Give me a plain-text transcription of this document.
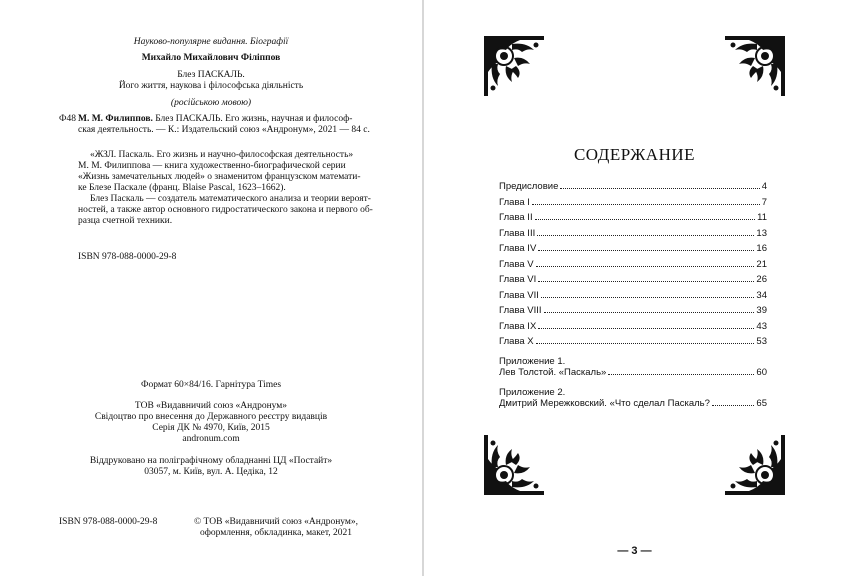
Науково-популярне видання. Біографії
Михайло Михайлович Філіппов
Блез ПАСКАЛЬ.
Його життя, наукова і філософська діяльність
(російською мовою)
Ф48 М. М. Филиппов. Блез ПАСКАЛЬ. Его жизнь, научная и философ-
ская деятельность. — К.: Издательский союз «Андронум», 2021 — 84 с.
«ЖЗЛ. Паскаль. Его жизнь и научно-философская деятельность»
М. М. Филиппова — книга художественно-биографической серии
«Жизнь замечательных людей» о знаменитом французском математи-
ке Блезе Паскале (франц. Blaise Pascal, 1623–1662).
Блез Паскаль — создатель математического анализа и теории вероят-
ностей, а также автор основного гидростатического закона и первого об-
разца счетной техники.
ISBN 978-088-0000-29-8
Формат 60×84/16. Гарнітура Times
ТОВ «Видавничий союз «Андронум»
Свідоцтво про внесення до Державного реєстру видавців
Серія ДК № 4970, Київ, 2015
andronum.com
Віддруковано на поліграфічному обладнанні ЦД «Постайт»
03057, м. Київ, вул. А. Цедіка, 12
ISBN 978-088-0000-29-8	© ТОВ «Видавничий союз «Андронум»,
оформлення, обкладинка, макет, 2021
СОДЕРЖАНИЕ
Предисловие	4
Глава I	7
Глава II	11
Глава III	13
Глава IV	16
Глава V	21
Глава VI	26
Глава VII	34
Глава VIII	39
Глава IX	43
Глава X	53
Приложение 1.
Лев Толстой. «Паскаль»	60
Приложение 2.
Дмитрий Мережковский. «Что сделал Паскаль?	65
— 3 —
